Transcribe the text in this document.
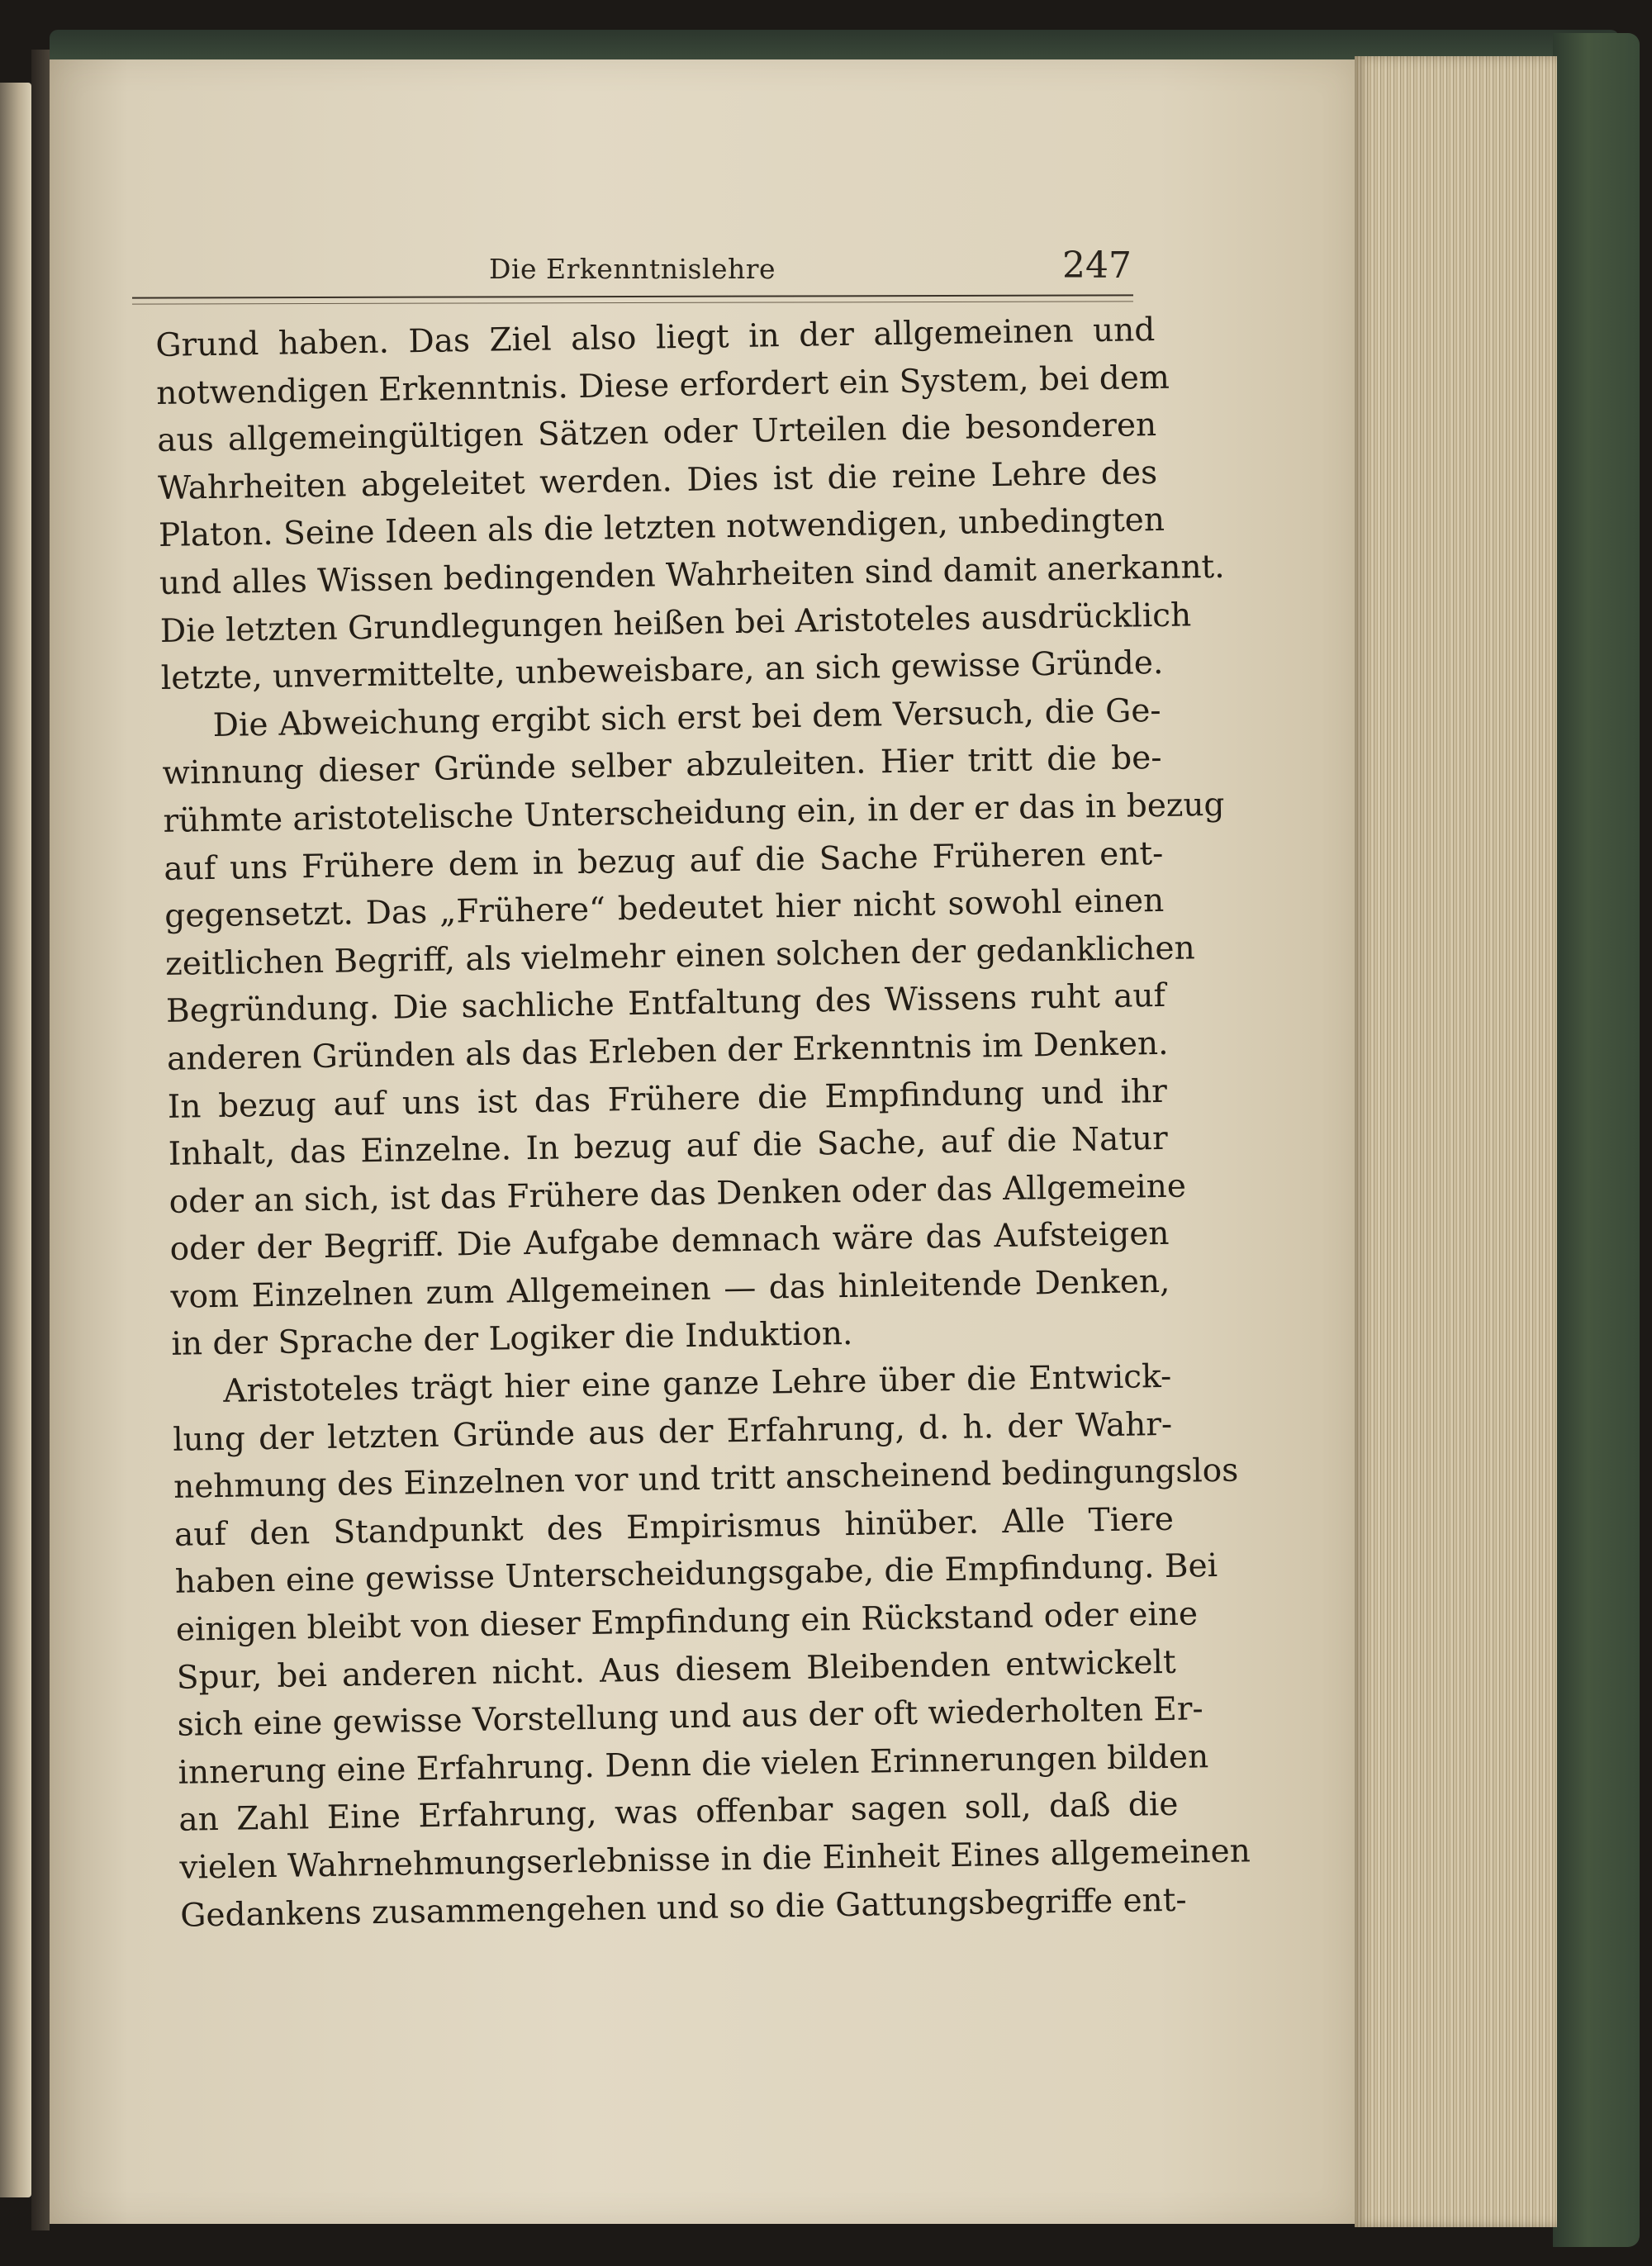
Die Erkenntnislehre	247
Grund haben. Das Ziel also liegt in der allgemeinen und
notwendigen Erkenntnis. Diese erfordert ein System, bei dem
aus allgemeingültigen Sätzen oder Urteilen die besonderen
Wahrheiten abgeleitet werden. Dies ist die reine Lehre des
Platon. Seine Ideen als die letzten notwendigen, unbedingten
und alles Wissen bedingenden Wahrheiten sind damit anerkannt.
Die letzten Grundlegungen heißen bei Aristoteles ausdrücklich
letzte, unvermittelte, unbeweisbare, an sich gewisse Gründe.
Die Abweichung ergibt sich erst bei dem Versuch, die Ge-
winnung dieser Gründe selber abzuleiten. Hier tritt die be-
rühmte aristotelische Unterscheidung ein, in der er das in bezug
auf uns Frühere dem in bezug auf die Sache Früheren ent-
gegensetzt. Das „Frühere“ bedeutet hier nicht sowohl einen
zeitlichen Begriff, als vielmehr einen solchen der gedanklichen
Begründung. Die sachliche Entfaltung des Wissens ruht auf
anderen Gründen als das Erleben der Erkenntnis im Denken.
In bezug auf uns ist das Frühere die Empfindung und ihr
Inhalt, das Einzelne. In bezug auf die Sache, auf die Natur
oder an sich, ist das Frühere das Denken oder das Allgemeine
oder der Begriff. Die Aufgabe demnach wäre das Aufsteigen
vom Einzelnen zum Allgemeinen — das hinleitende Denken,
in der Sprache der Logiker die Induktion.
Aristoteles trägt hier eine ganze Lehre über die Entwick-
lung der letzten Gründe aus der Erfahrung, d. h. der Wahr-
nehmung des Einzelnen vor und tritt anscheinend bedingungslos
auf den Standpunkt des Empirismus hinüber. Alle Tiere
haben eine gewisse Unterscheidungsgabe, die Empfindung. Bei
einigen bleibt von dieser Empfindung ein Rückstand oder eine
Spur, bei anderen nicht. Aus diesem Bleibenden entwickelt
sich eine gewisse Vorstellung und aus der oft wiederholten Er-
innerung eine Erfahrung. Denn die vielen Erinnerungen bilden
an Zahl Eine Erfahrung, was offenbar sagen soll, daß die
vielen Wahrnehmungserlebnisse in die Einheit Eines allgemeinen
Gedankens zusammengehen und so die Gattungsbegriffe ent-
